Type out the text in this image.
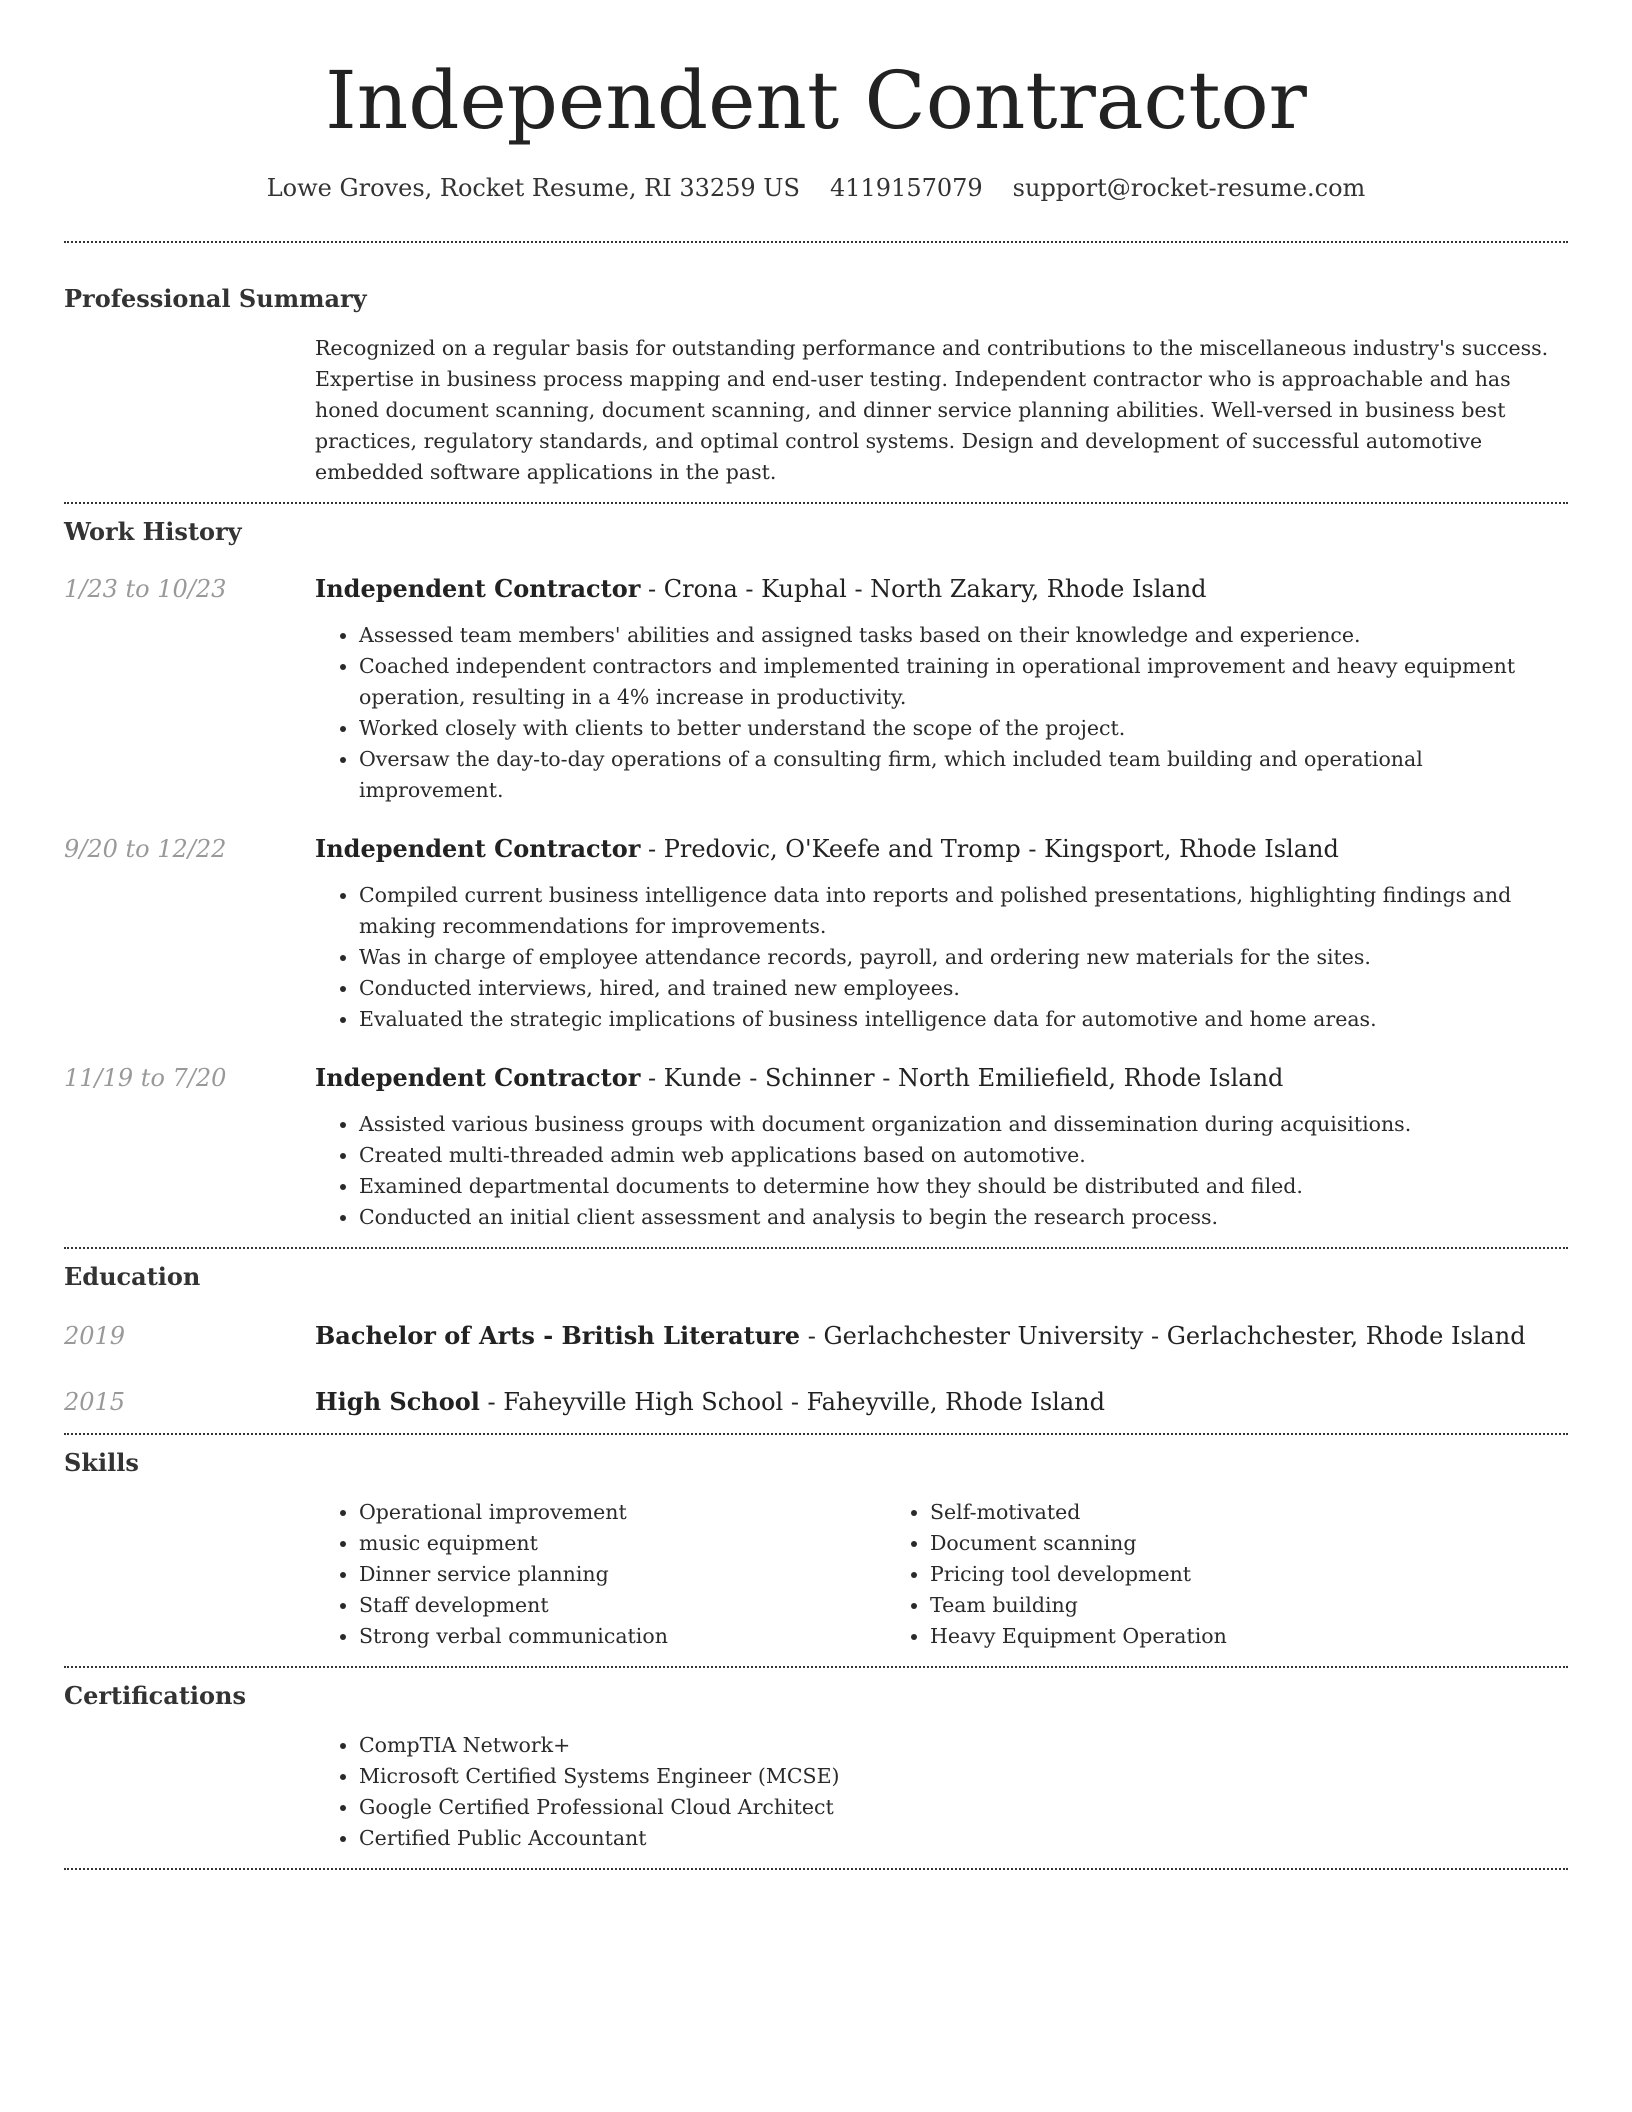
Independent Contractor
Lowe Groves, Rocket Resume, RI 33259 US 4119157079 support@rocket-resume.com
Professional Summary
Recognized on a regular basis for outstanding performance and contributions to the miscellaneous industry's success. Expertise in business process mapping and end-user testing. Independent contractor who is approachable and has honed document scanning, document scanning, and dinner service planning abilities. Well-versed in business best practices, regulatory standards, and optimal control systems. Design and development of successful automotive embedded software applications in the past.
Work History
1/23 to 10/23	Independent Contractor - Crona - Kuphal - North Zakary, Rhode Island
• Assessed team members' abilities and assigned tasks based on their knowledge and experience.
• Coached independent contractors and implemented training in operational improvement and heavy equipment operation, resulting in a 4% increase in productivity.
• Worked closely with clients to better understand the scope of the project.
• Oversaw the day-to-day operations of a consulting firm, which included team building and operational improvement.
9/20 to 12/22	Independent Contractor - Predovic, O'Keefe and Tromp - Kingsport, Rhode Island
• Compiled current business intelligence data into reports and polished presentations, highlighting findings and making recommendations for improvements.
• Was in charge of employee attendance records, payroll, and ordering new materials for the sites.
• Conducted interviews, hired, and trained new employees.
• Evaluated the strategic implications of business intelligence data for automotive and home areas.
11/19 to 7/20	Independent Contractor - Kunde - Schinner - North Emiliefield, Rhode Island
• Assisted various business groups with document organization and dissemination during acquisitions.
• Created multi-threaded admin web applications based on automotive.
• Examined departmental documents to determine how they should be distributed and filed.
• Conducted an initial client assessment and analysis to begin the research process.
Education
2019	Bachelor of Arts - British Literature - Gerlachchester University - Gerlachchester, Rhode Island
2015	High School - Faheyville High School - Faheyville, Rhode Island
Skills
• Operational improvement
• music equipment
• Dinner service planning
• Staff development
• Strong verbal communication
• Self-motivated
• Document scanning
• Pricing tool development
• Team building
• Heavy Equipment Operation
Certifications
• CompTIA Network+
• Microsoft Certified Systems Engineer (MCSE)
• Google Certified Professional Cloud Architect
• Certified Public Accountant
